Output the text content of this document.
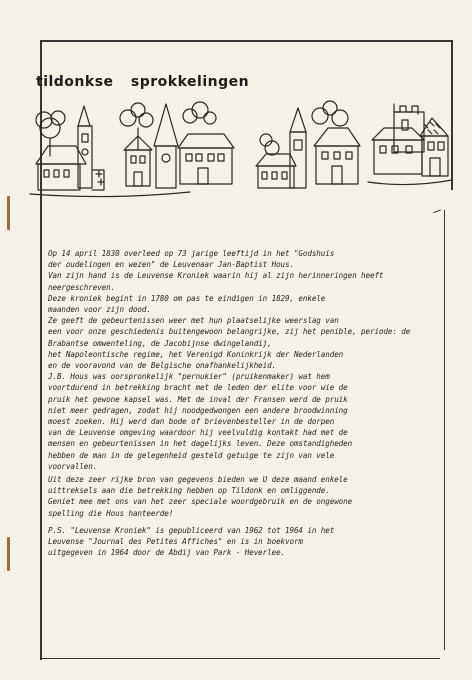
tildonkse sprokkelingen

Op 14 april 1830 overleed op 73 jarige leeftijd in het "Godshuis
der oudelingen en wezen" de Leuvenaar Jan-Baptist Hous.
Van zijn hand is de Leuvense Kroniek waarin hij al zijn herinneringen heeft neergeschreven.
Deze kroniek begint in 1780 om pas te eindigen in 1829, enkele
maanden voor zijn dood.
Ze geeft de gebeurtenissen weer met hun plaatselijke weerslag van
een voor onze geschiedenis buitengewoon belangrijke, zij het penible, periode: de Brabantse omwenteling, de Jacobijnse dwingelandij,
het Napoleontische regime, het Verenigd Koninkrijk der Nederlanden
en de vooravond van de Belgische onafhankelijkheid.
J.B. Hous was oorspronkelijk "pernukier" (pruikenmaker) wat hem
voortdurend in betrekking bracht met de leden der elite voor wie de
pruik het gewone kapsel was. Met de inval der Fransen werd de pruik
niet meer gedragen, zodat hij noodgedwongen een andere broodwinning
moest zoeken. Hij werd dan bode of brievenbesteller in de dorpen
van de Leuvense omgeving waardoor hij veelvuldig kontakt had met de
mensen en gebeurtenissen in het dagelijks leven. Deze omstandigheden
hebben de man in de gelegenheid gesteld getuige te zijn van vele
voorvallen.

Uit deze zeer rijke bron van gegevens bieden we U deze maand enkele
uittreksels aan die betrekking hebben op Tildonk en omliggende.
Geniet mee met ons van het zeer speciale woordgebruik en de ongewone
spelling die Hous hanteerde!

P.S. "Leuvense Kroniek" is gepubliceerd van 1962 tot 1964 in het
Leuvense "Journal des Petites Affiches" en is in boekvorm
uitgegeven in 1964 door de Abdij van Park - Heverlee.
